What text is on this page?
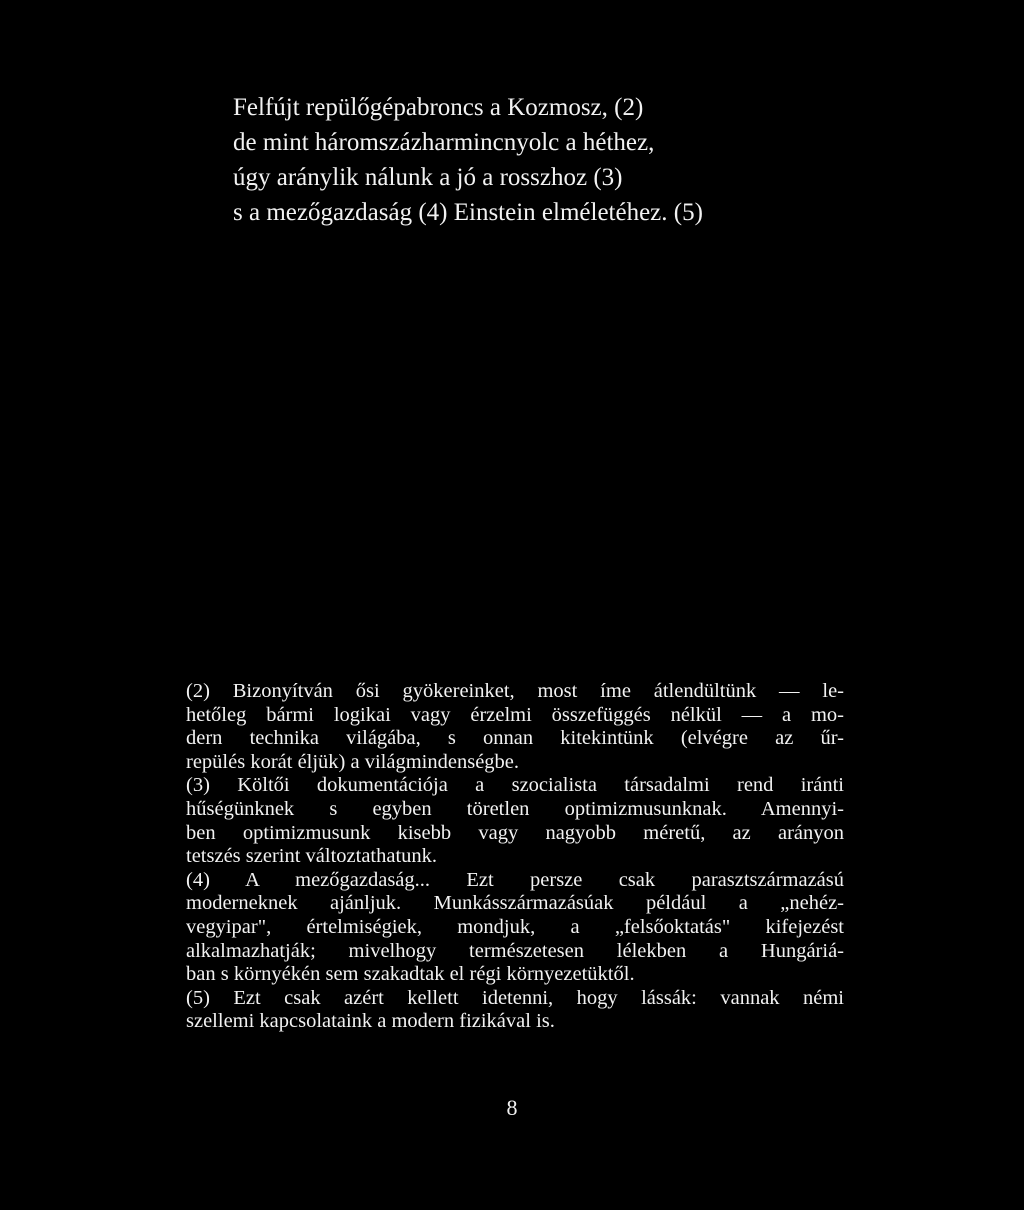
Felfújt repülőgépabroncs a Kozmosz, (2)
de mint háromszázharmincnyolc a héthez,
úgy aránylik nálunk a jó a rosszhoz (3)
s a mezőgazdaság (4) Einstein elméletéhez. (5)
(2) Bizonyítván ősi gyökereinket, most íme átlendültünk — le-
hetőleg bármi logikai vagy érzelmi összefüggés nélkül — a mo-
dern technika világába, s onnan kitekintünk (elvégre az űr-
repülés korát éljük) a világmindenségbe.
(3) Költői dokumentációja a szocialista társadalmi rend iránti
hűségünknek s egyben töretlen optimizmusunknak. Amennyi-
ben optimizmusunk kisebb vagy nagyobb méretű, az arányon
tetszés szerint változtathatunk.
(4) A mezőgazdaság... Ezt persze csak parasztszármazású
moderneknek ajánljuk. Munkásszármazásúak például a „nehéz-
vegyipar", értelmiségiek, mondjuk, a „felsőoktatás" kifejezést
alkalmazhatják; mivelhogy természetesen lélekben a Hungáriá-
ban s környékén sem szakadtak el régi környezetüktől.
(5) Ezt csak azért kellett idetenni, hogy lássák: vannak némi
szellemi kapcsolataink a modern fizikával is.
8
